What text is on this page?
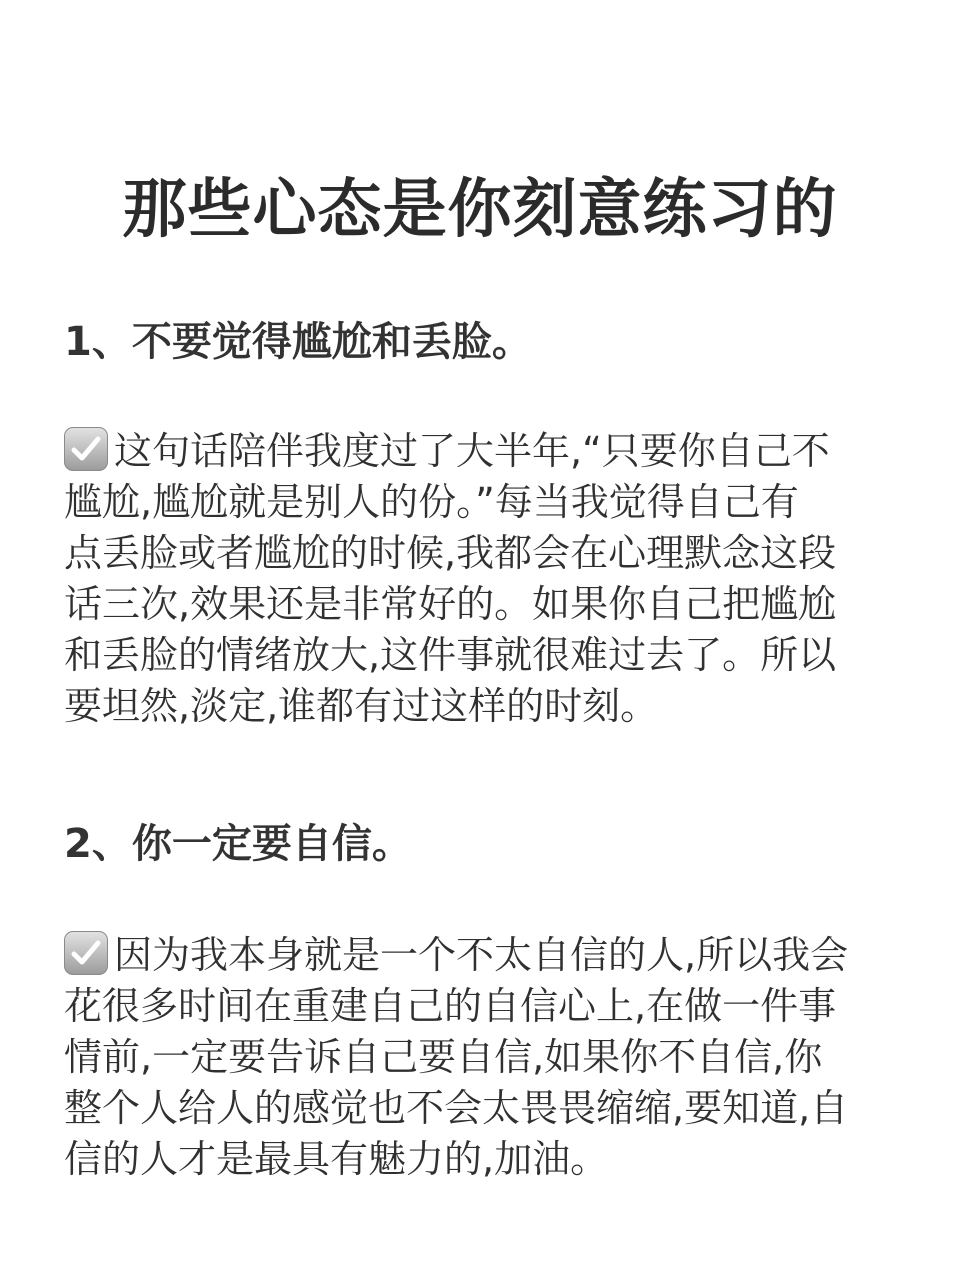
那些心态是你刻意练习的
1、不要觉得尴尬和丢脸。
这句话陪伴我度过了大半年,“只要你自己不
尴尬,尴尬就是别人的份。”每当我觉得自己有
点丢脸或者尴尬的时候,我都会在心理默念这段
话三次,效果还是非常好的。如果你自己把尴尬
和丢脸的情绪放大,这件事就很难过去了。所以
要坦然,淡定,谁都有过这样的时刻。
2、你一定要自信。
因为我本身就是一个不太自信的人,所以我会
花很多时间在重建自己的自信心上,在做一件事
情前,一定要告诉自己要自信,如果你不自信,你
整个人给人的感觉也不会太畏畏缩缩,要知道,自
信的人才是最具有魅力的,加油。
